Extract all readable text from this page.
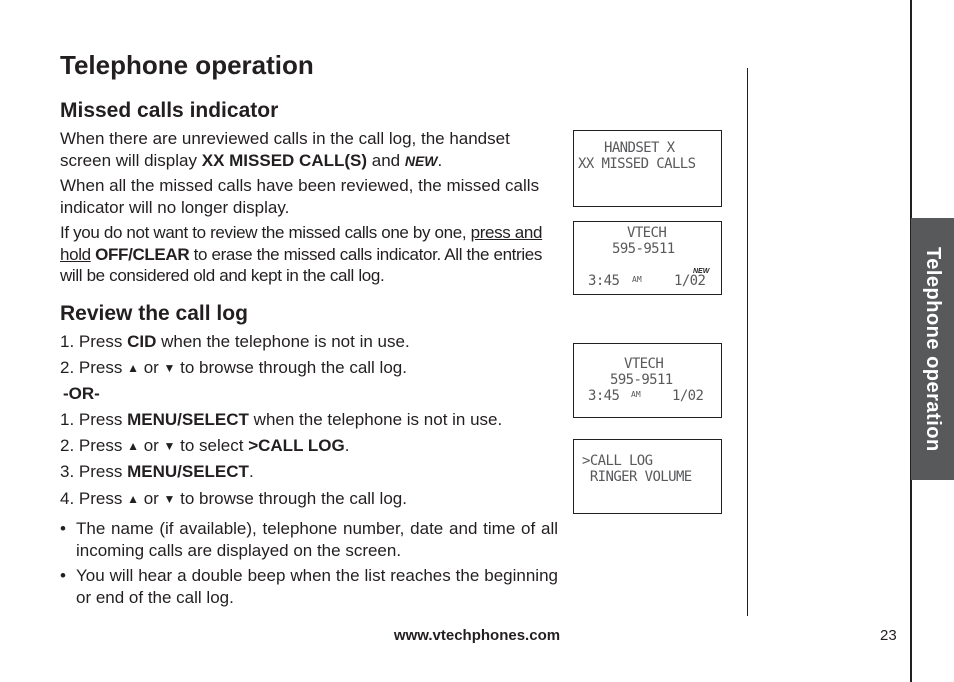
Telephone operation
Telephone operation
Missed calls indicator
When there are unreviewed calls in the call log, the handset screen will display XX MISSED CALL(S) and NEW.
When all the missed calls have been reviewed, the missed calls indicator will no longer display.
If you do not want to review the missed calls one by one, press and hold OFF/CLEAR to erase the missed calls indicator. All the entries will be considered old and kept in the call log.
Review the call log
1. Press CID when the telephone is not in use.
2. Press ▲ or ▼ to browse through the call log.
-OR-
1. Press MENU/SELECT when the telephone is not in use.
2. Press ▲ or ▼ to select >CALL LOG.
3. Press MENU/SELECT.
4. Press ▲ or ▼ to browse through the call log.
• The name (if available), telephone number, date and time of all incoming calls are displayed on the screen.
• You will hear a double beep when the list reaches the beginning or end of the call log.
HANDSET X
XX MISSED CALLS
VTECH
595-9511
3:45 AM
NEW
1/02
VTECH
595-9511
3:45 AM 1/02
>CALL LOG
RINGER VOLUME
www.vtechphones.com	23
